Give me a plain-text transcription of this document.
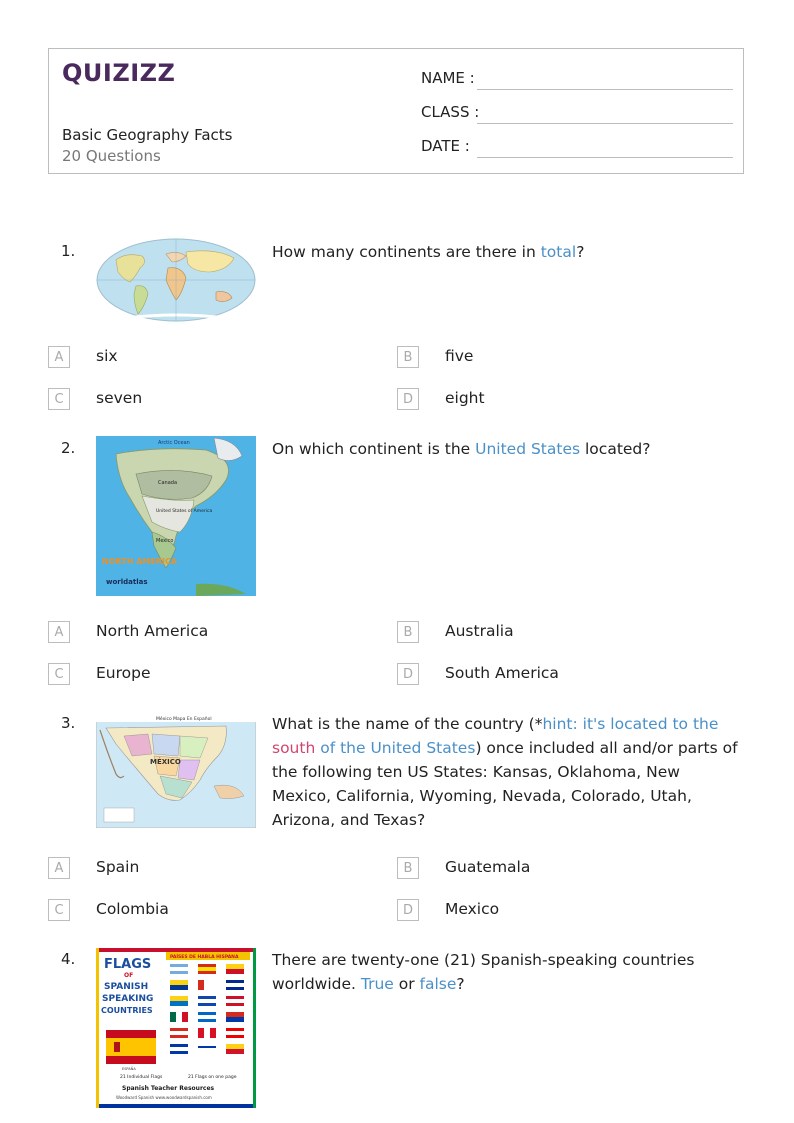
QUIZIZZ
Basic Geography Facts
20 Questions
NAME :
CLASS :
DATE :
1.	How many continents are there in total?
A	six	B	five
C	seven	D	eight
2.	Arctic Ocean
Canada
United States of America
Mexico
NORTH AMERICA
worldatlas
On which continent is the United States located?
A	North America	B	Australia
C	Europe	D	South America
3.	México Mapa En Español
MÉXICO
What is the name of the country (*hint: it's located to the south of the United States) once included all and/or parts of the following ten US States: Kansas, Oklahoma, New Mexico, California, Wyoming, Nevada, Colorado, Utah, Arizona, and Texas?
A	Spain	B	Guatemala
C	Colombia	D	Mexico
4. FLAGS
OF
SPANISH
SPEAKING
COUNTRIES
ESPAÑA
PAÍSES DE HABLA HISPANA
21 Individual Flags	21 Flags on one page
Spanish Teacher Resources
Woodward Spanish www.woodwardspanish.com
There are twenty-one (21) Spanish-speaking countries worldwide. True or false?
